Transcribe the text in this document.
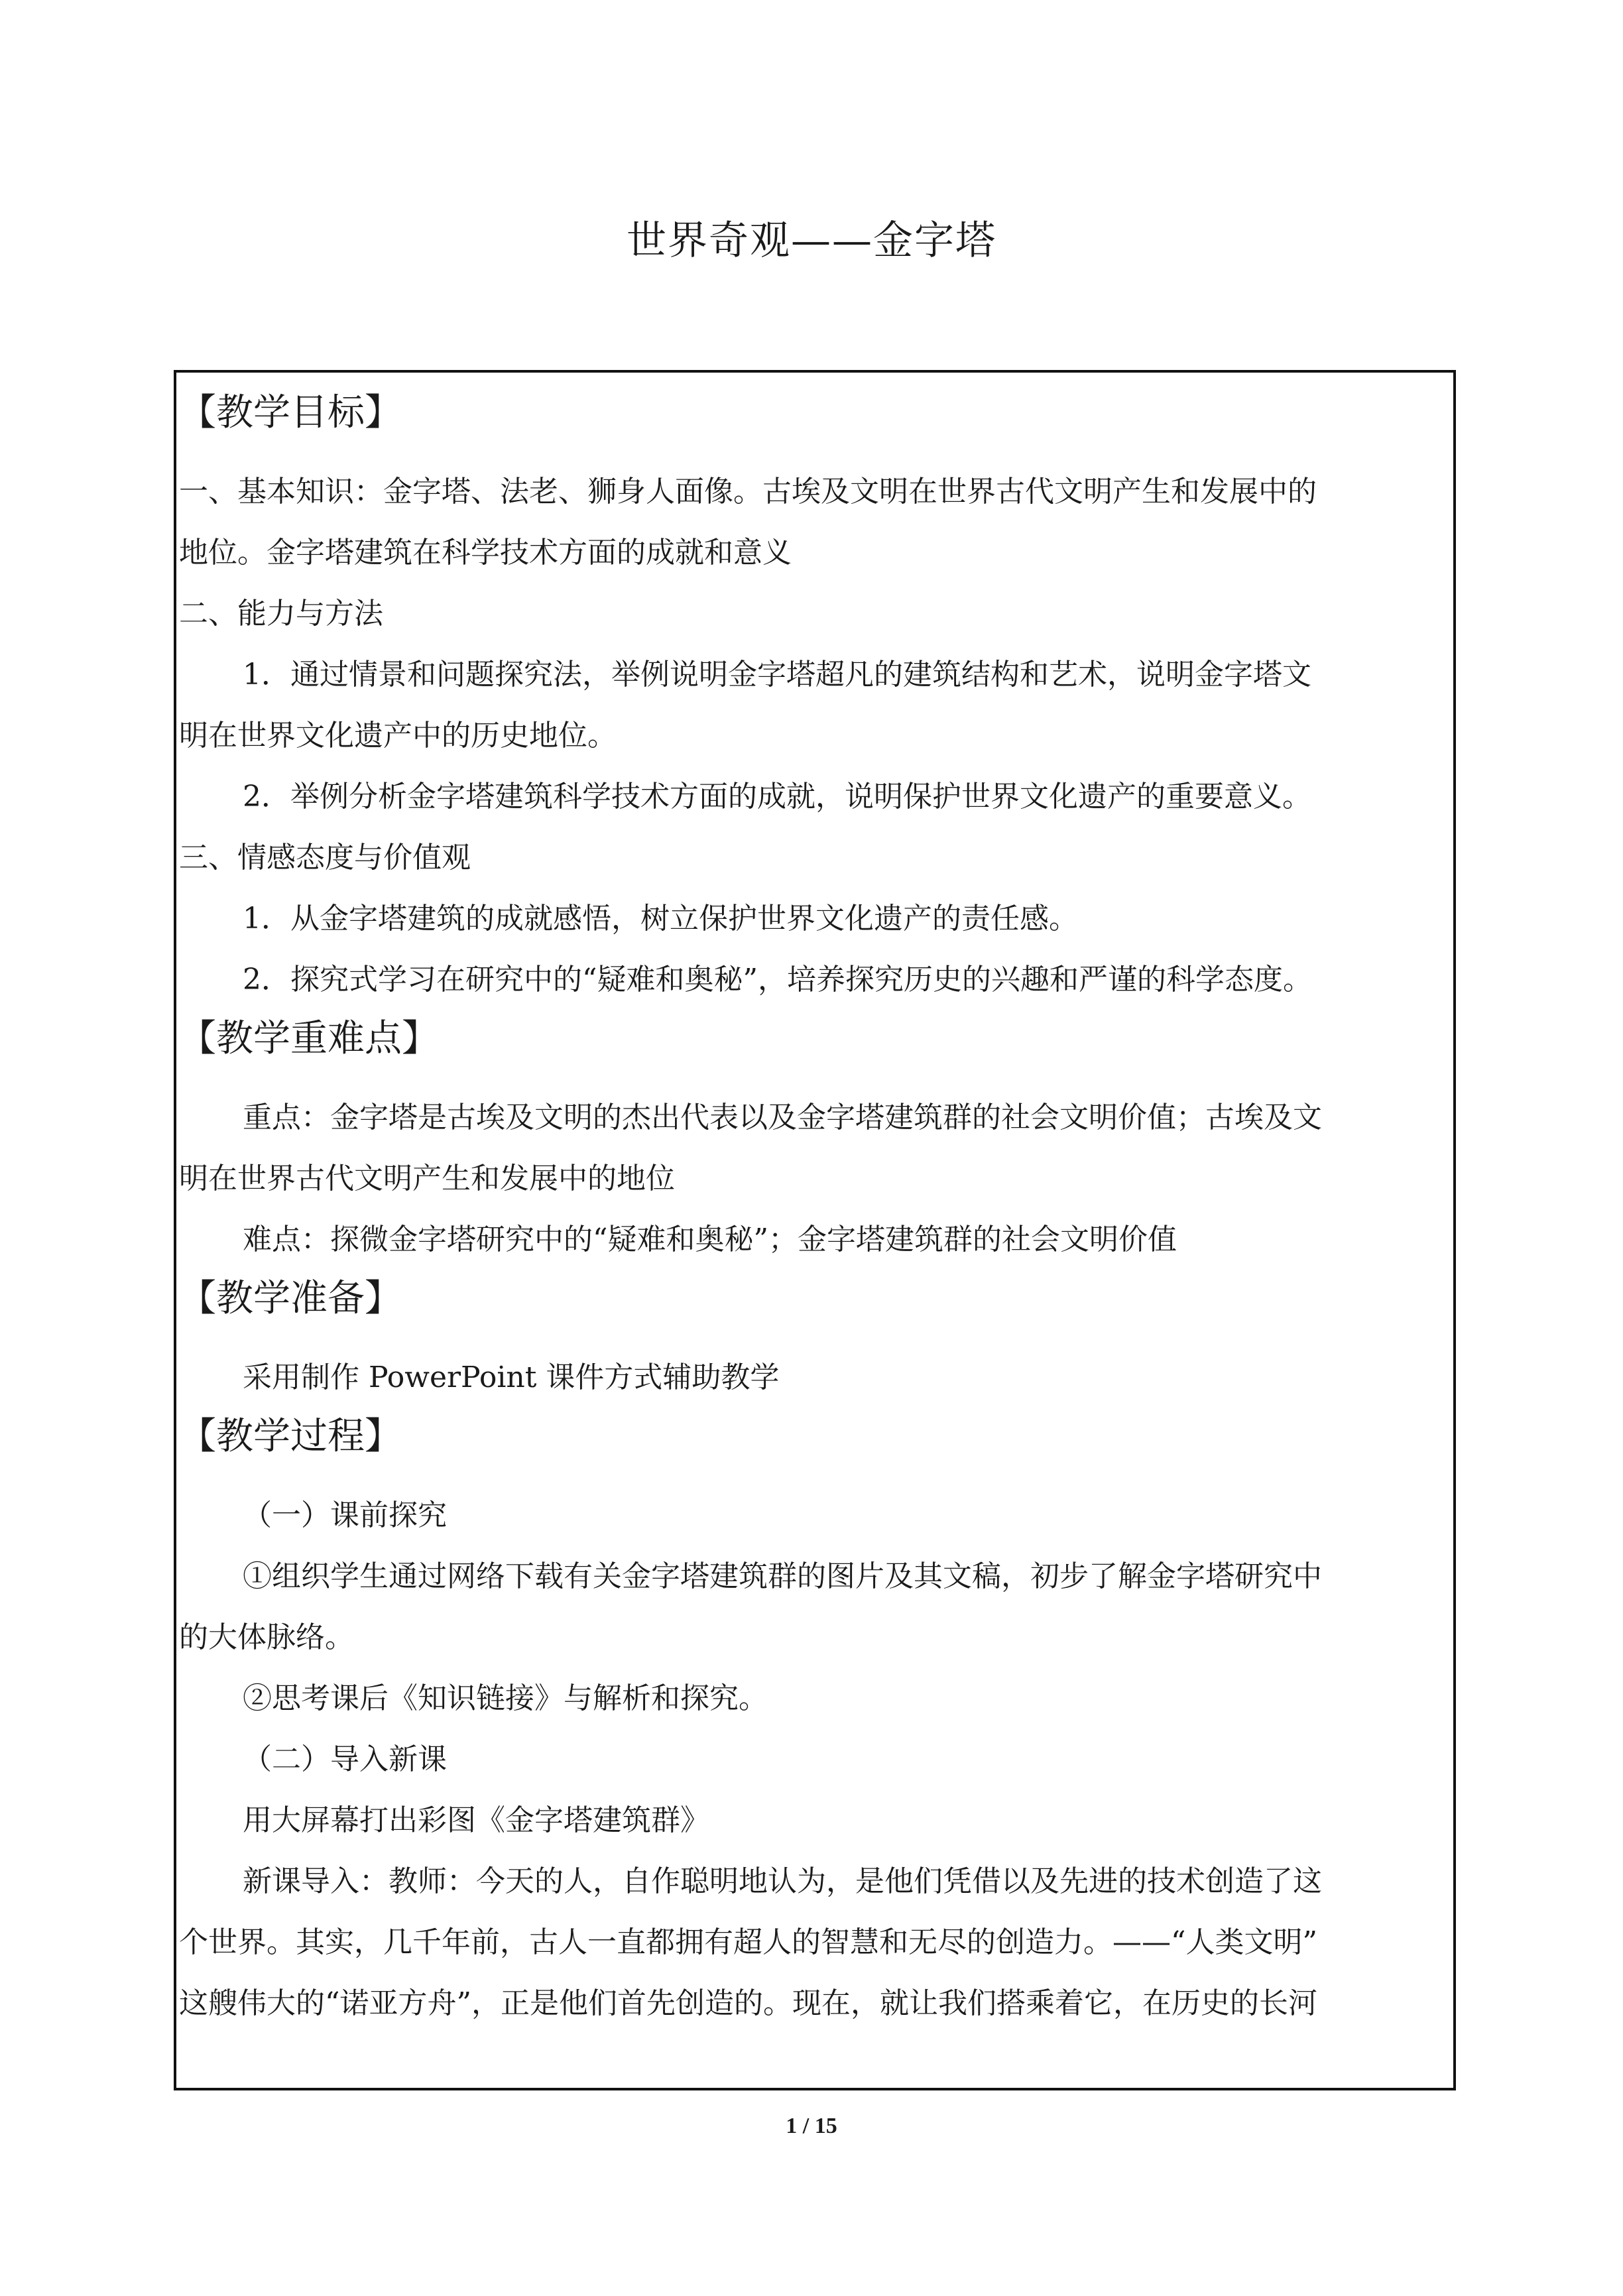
世界奇观——金字塔
【教学目标】

一、基本知识：金字塔、法老、狮身人面像。古埃及文明在世界古代文明产生和发展中的

地位。金字塔建筑在科学技术方面的成就和意义

二、能力与方法

1．通过情景和问题探究法，举例说明金字塔超凡的建筑结构和艺术，说明金字塔文

明在世界文化遗产中的历史地位。

2．举例分析金字塔建筑科学技术方面的成就，说明保护世界文化遗产的重要意义。

三、情感态度与价值观

1．从金字塔建筑的成就感悟，树立保护世界文化遗产的责任感。

2．探究式学习在研究中的“疑难和奥秘”，培养探究历史的兴趣和严谨的科学态度。

【教学重难点】

重点：金字塔是古埃及文明的杰出代表以及金字塔建筑群的社会文明价值；古埃及文

明在世界古代文明产生和发展中的地位

难点：探微金字塔研究中的“疑难和奥秘”；金字塔建筑群的社会文明价值

【教学准备】

采用制作 PowerPoint 课件方式辅助教学

【教学过程】

（一）课前探究

①组织学生通过网络下载有关金字塔建筑群的图片及其文稿，初步了解金字塔研究中

的大体脉络。

②思考课后《知识链接》与解析和探究。

（二）导入新课

用大屏幕打出彩图《金字塔建筑群》

新课导入：教师：今天的人，自作聪明地认为，是他们凭借以及先进的技术创造了这

个世界。其实，几千年前，古人一直都拥有超人的智慧和无尽的创造力。——“人类文明”

这艘伟大的“诺亚方舟”，正是他们首先创造的。现在，就让我们搭乘着它，在历史的长河

1 / 15
